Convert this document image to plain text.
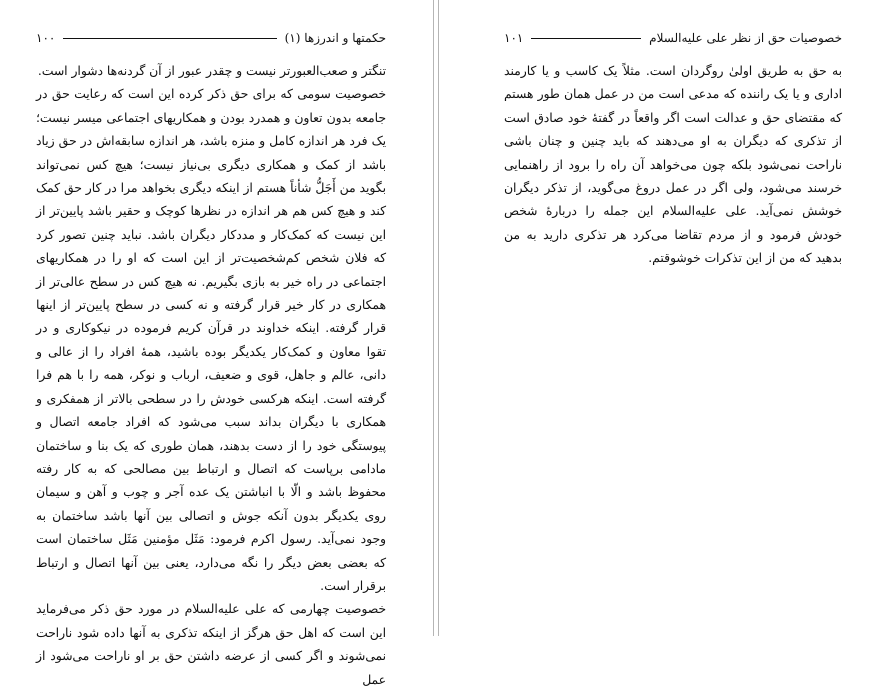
حکمتها و اندرزها (۱)
۱۰۰

تنگتر و صعب‌العبورتر نیست و چقدر عبور از آن گردنه‌ها دشوار است.

خصوصیت سومی که برای حق ذکر کرده این است که رعایت حق در جامعه بدون تعاون و همدرد بودن و همکاریهای اجتماعی میسر نیست؛ یک فرد هر اندازه کامل و منزه باشد، هر اندازه سابقه‌اش در حق زیاد باشد از کمک و همکاری دیگری بی‌نیاز نیست؛ هیچ کس نمی‌تواند بگوید من أَجَلُّ شأناً هستم از اینکه دیگری بخواهد مرا در کار حق کمک کند و هیچ کس هم هر اندازه در نظرها کوچک و حقیر باشد پایین‌تر از این نیست که کمک‌کار و مددکار دیگران باشد. نباید چنین تصور کرد که فلان شخص کم‌شخصیت‌تر از این است که او را در همکاریهای اجتماعی در راه خیر به بازی بگیریم. نه هیچ کس در سطح عالی‌تر از همکاری در کار خیر قرار گرفته و نه کسی در سطح پایین‌تر از اینها قرار گرفته. اینکه خداوند در قرآن کریم فرموده در نیکوکاری و در تقوا معاون و کمک‌کار یکدیگر بوده باشید، همهٔ افراد را از عالی و دانی، عالم و جاهل، قوی و ضعیف، ارباب و نوکر، همه را با هم فرا گرفته است. اینکه هرکسی خودش را در سطحی بالاتر از همفکری و همکاری با دیگران بداند سبب می‌شود که افراد جامعه اتصال و پیوستگی خود را از دست بدهند، همان طوری که یک بنا و ساختمان مادامی برپاست که اتصال و ارتباط بین مصالحی که به کار رفته محفوظ باشد و الّا با انباشتن یک عده آجر و چوب و آهن و سیمان روی یکدیگر بدون آنکه جوش و اتصالی بین آنها باشد ساختمان به وجود نمی‌آید. رسول اکرم فرمود: مَثَل مؤمنین مَثَل ساختمان است که بعضی بعض دیگر را نگه می‌دارد، یعنی بین آنها اتصال و ارتباط برقرار است.

خصوصیت چهارمی که علی علیه‌السلام در مورد حق ذکر می‌فرماید این است که اهل حق هرگز از اینکه تذکری به آنها داده شود ناراحت نمی‌شوند و اگر کسی از عرضه داشتن حق بر او ناراحت می‌شود از عمل

خصوصیات حق از نظر علی علیه‌السلام
۱۰۱

به حق به طریق اولیٰ روگردان است. مثلاً یک کاسب و یا کارمند اداری و یا یک راننده که مدعی است من در عمل همان طور هستم که مقتضای حق و عدالت است اگر واقعاً در گفتهٔ خود صادق است از تذکری که دیگران به او می‌دهند که باید چنین و چنان باشی ناراحت نمی‌شود بلکه چون می‌خواهد آن راه را برود از راهنمایی خرسند می‌شود، ولی اگر در عمل دروغ می‌گوید، از تذکر دیگران خوشش نمی‌آید. علی علیه‌السلام این جمله را دربارهٔ شخص خودش فرمود و از مردم تقاضا می‌کرد هر تذکری دارید به من بدهید که من از این تذکرات خوشوقتم.
